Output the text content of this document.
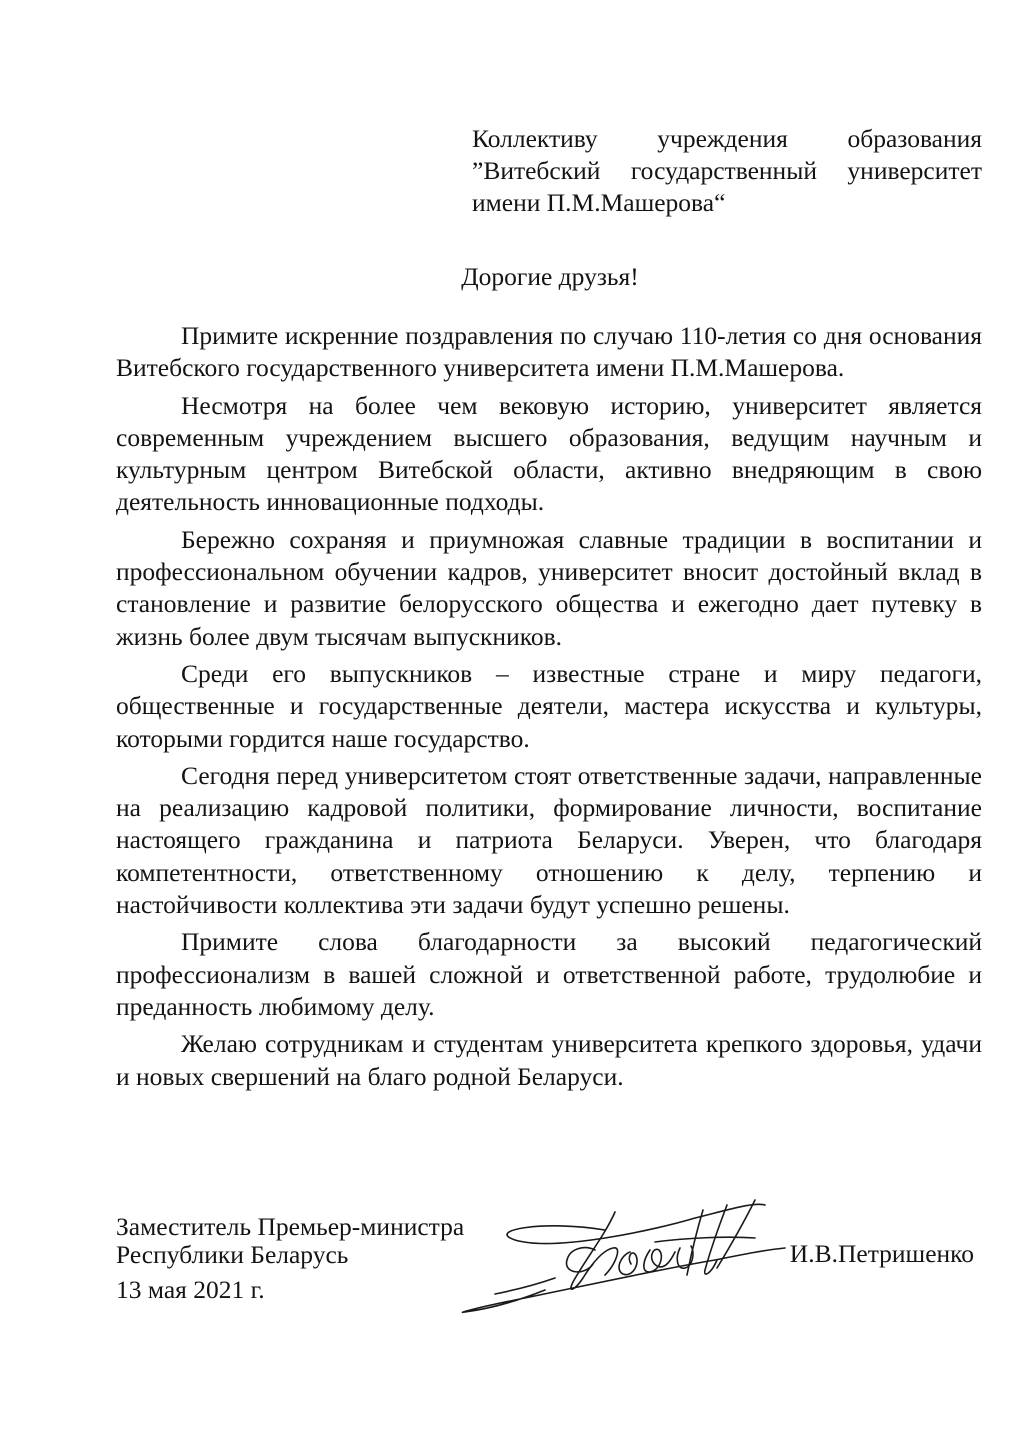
Коллективу учреждения образования
”Витебский государственный университет
имени П.М.Машерова“
Дорогие друзья!

Примите искренние поздравления по случаю 110-летия со дня основания Витебского государственного университета имени П.М.Машерова.

Несмотря на более чем вековую историю, университет является современным учреждением высшего образования, ведущим научным и культурным центром Витебской области, активно внедряющим в свою деятельность инновационные подходы.

Бережно сохраняя и приумножая славные традиции в воспитании и профессиональном обучении кадров, университет вносит достойный вклад в становление и развитие белорусского общества и ежегодно дает путевку в жизнь более двум тысячам выпускников.

Среди его выпускников – известные стране и миру педагоги, общественные и государственные деятели, мастера искусства и культуры, которыми гордится наше государство.

Сегодня перед университетом стоят ответственные задачи, направленные на реализацию кадровой политики, формирование личности, воспитание настоящего гражданина и патриота Беларуси. Уверен, что благодаря компетентности, ответственному отношению к делу, терпению и настойчивости коллектива эти задачи будут успешно решены.

Примите слова благодарности за высокий педагогический профессионализм в вашей сложной и ответственной работе, трудолюбие и преданность любимому делу.

Желаю сотрудникам и студентам университета крепкого здоровья, удачи и новых свершений на благо родной Беларуси.

Заместитель Премьер-министра
Республики Беларусь
13 мая 2021 г.
И.В.Петришенко
